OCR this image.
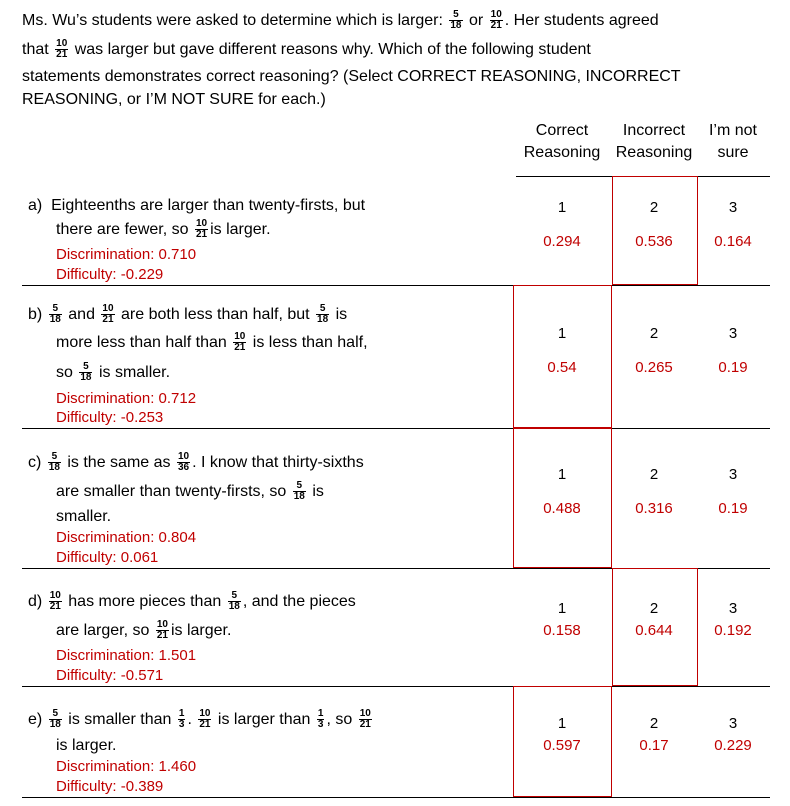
Ms. Wu’s students were asked to determine which is larger: $\frac{5}{18}$ or $\frac{10}{21}$ . Her students agreed
that $\frac{10}{21}$ was larger but gave different reasons why. Which of the following student
statements demonstrates correct reasoning? (Select CORRECT REASONING, INCORRECT
REASONING, or I’M NOT SURE for each.)
Correct
Reasoning
Incorrect
Reasoning
I’m not
sure
a) Eighteenths are larger than twenty-firsts, but
there are fewer, so $\frac{10}{21}$ is larger.
Discrimination: 0.710
Difficulty: -0.229
1	2	3
0.294	0.536	0.164
$b) \frac{5}{18}$ and $\frac{10}{21}$ are both less than half, but $\frac{5}{18}$ is
more less than half than $\frac{10}{21}$ is less than half,
so $\frac{5}{18}$ is smaller.
Discrimination: 0.712
Difficulty: -0.253
1	2	3
0.54	0.265	0.19
$c) \frac{5}{18}$ is the same as $\frac{10}{36}$ . I know that thirty-sixths
are smaller than twenty-firsts, so $\frac{5}{18}$ is
smaller.
Discrimination: 0.804
Difficulty: 0.061
1	2	3
0.488	0.316	0.19
$d) \frac{10}{21}$ has more pieces than $\frac{5}{18}$ , and the pieces
are larger, so $\frac{10}{21}$ is larger.
Discrimination: 1.501
Difficulty: -0.571
1	2	3
0.158	0.644	0.192
$e) \frac{5}{18}$ is smaller than $\frac{1}{3}$ . $\frac{10}{21}$ is larger than $\frac{1}{3}$ , so $\frac{10}{21}$
is larger.
Discrimination: 1.460
Difficulty: -0.389
1	2	3
0.597	0.17	0.229
